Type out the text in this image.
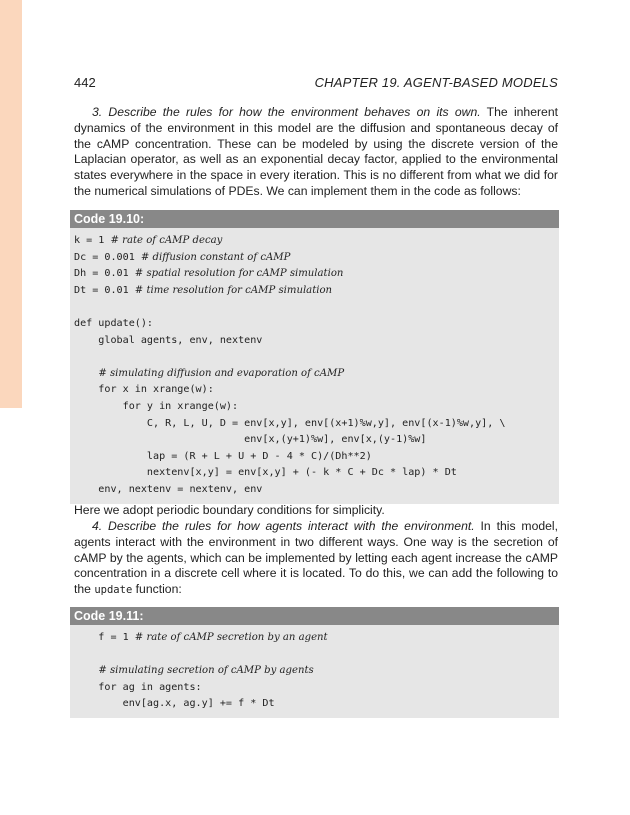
442	CHAPTER 19. AGENT-BASED MODELS

3. Describe the rules for how the environment behaves on its own. The inherent dynamics of the environment in this model are the diffusion and spontaneous decay of the cAMP concentration. These can be modeled by using the discrete version of the Laplacian operator, as well as an exponential decay factor, applied to the environmental states everywhere in the space in every iteration. This is no different from what we did for the numerical simulations of PDEs. We can implement them in the code as follows:

Code 19.10:
k = 1 # rate of cAMP decay
Dc = 0.001 # diffusion constant of cAMP
Dh = 0.01 # spatial resolution for cAMP simulation
Dt = 0.01 # time resolution for cAMP simulation
def update():
global agents, env, nextenv
# simulating diffusion and evaporation of cAMP
for x in xrange(w):
for y in xrange(w):
C, R, L, U, D = env[x,y], env[(x+1)%w,y], env[(x-1)%w,y], \
env[x,(y+1)%w], env[x,(y-1)%w]
lap = (R + L + U + D - 4 * C)/(Dh**2)
nextenv[x,y] = env[x,y] + (- k * C + Dc * lap) * Dt
env, nextenv = nextenv, env

Here we adopt periodic boundary conditions for simplicity.

4. Describe the rules for how agents interact with the environment. In this model, agents interact with the environment in two different ways. One way is the secretion of cAMP by the agents, which can be implemented by letting each agent increase the cAMP concentration in a discrete cell where it is located. To do this, we can add the following to the update function:

Code 19.11:
f = 1 # rate of cAMP secretion by an agent
# simulating secretion of cAMP by agents
for ag in agents:
env[ag.x, ag.y] += f * Dt
